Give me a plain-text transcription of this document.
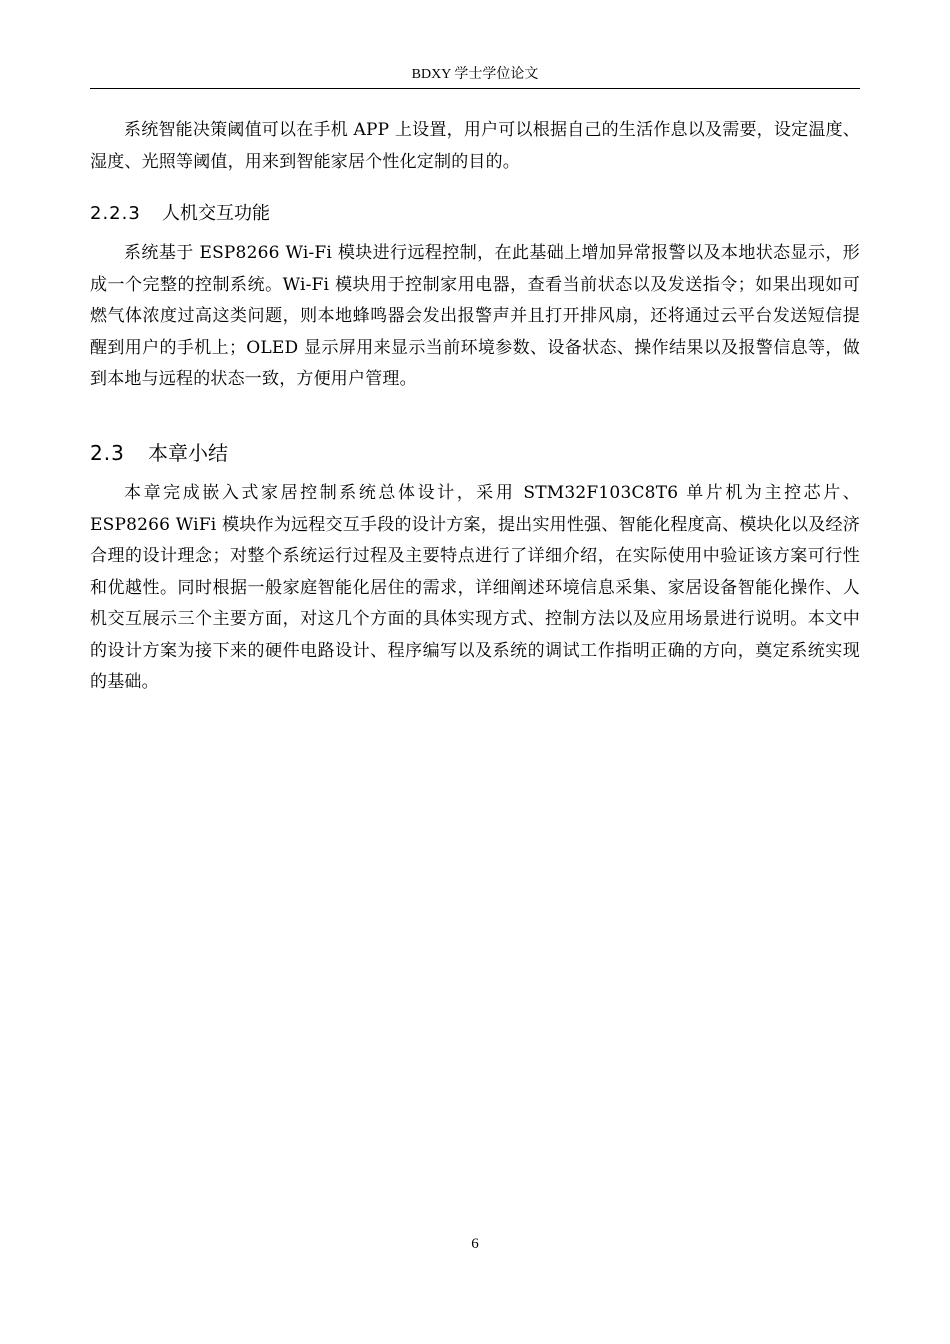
BDXY 学士学位论文

系统智能决策阈值可以在手机 APP 上设置，用户可以根据自己的生活作息以及需要，设定温度、湿度、光照等阈值，用来到智能家居个性化定制的目的。

2.2.3 人机交互功能

系统基于 ESP8266 Wi-Fi 模块进行远程控制，在此基础上增加异常报警以及本地状态显示，形成一个完整的控制系统。Wi-Fi 模块用于控制家用电器，查看当前状态以及发送指令；如果出现如可燃气体浓度过高这类问题，则本地蜂鸣器会发出报警声并且打开排风扇，还将通过云平台发送短信提醒到用户的手机上；OLED 显示屏用来显示当前环境参数、设备状态、操作结果以及报警信息等，做到本地与远程的状态一致，方便用户管理。

2.3 本章小结

本章完成嵌入式家居控制系统总体设计，采用 STM32F103C8T6 单片机为主控芯片、ESP8266 WiFi 模块作为远程交互手段的设计方案，提出实用性强、智能化程度高、模块化以及经济合理的设计理念；对整个系统运行过程及主要特点进行了详细介绍，在实际使用中验证该方案可行性和优越性。同时根据一般家庭智能化居住的需求，详细阐述环境信息采集、家居设备智能化操作、人机交互展示三个主要方面，对这几个方面的具体实现方式、控制方法以及应用场景进行说明。本文中的设计方案为接下来的硬件电路设计、程序编写以及系统的调试工作指明正确的方向，奠定系统实现的基础。

6
